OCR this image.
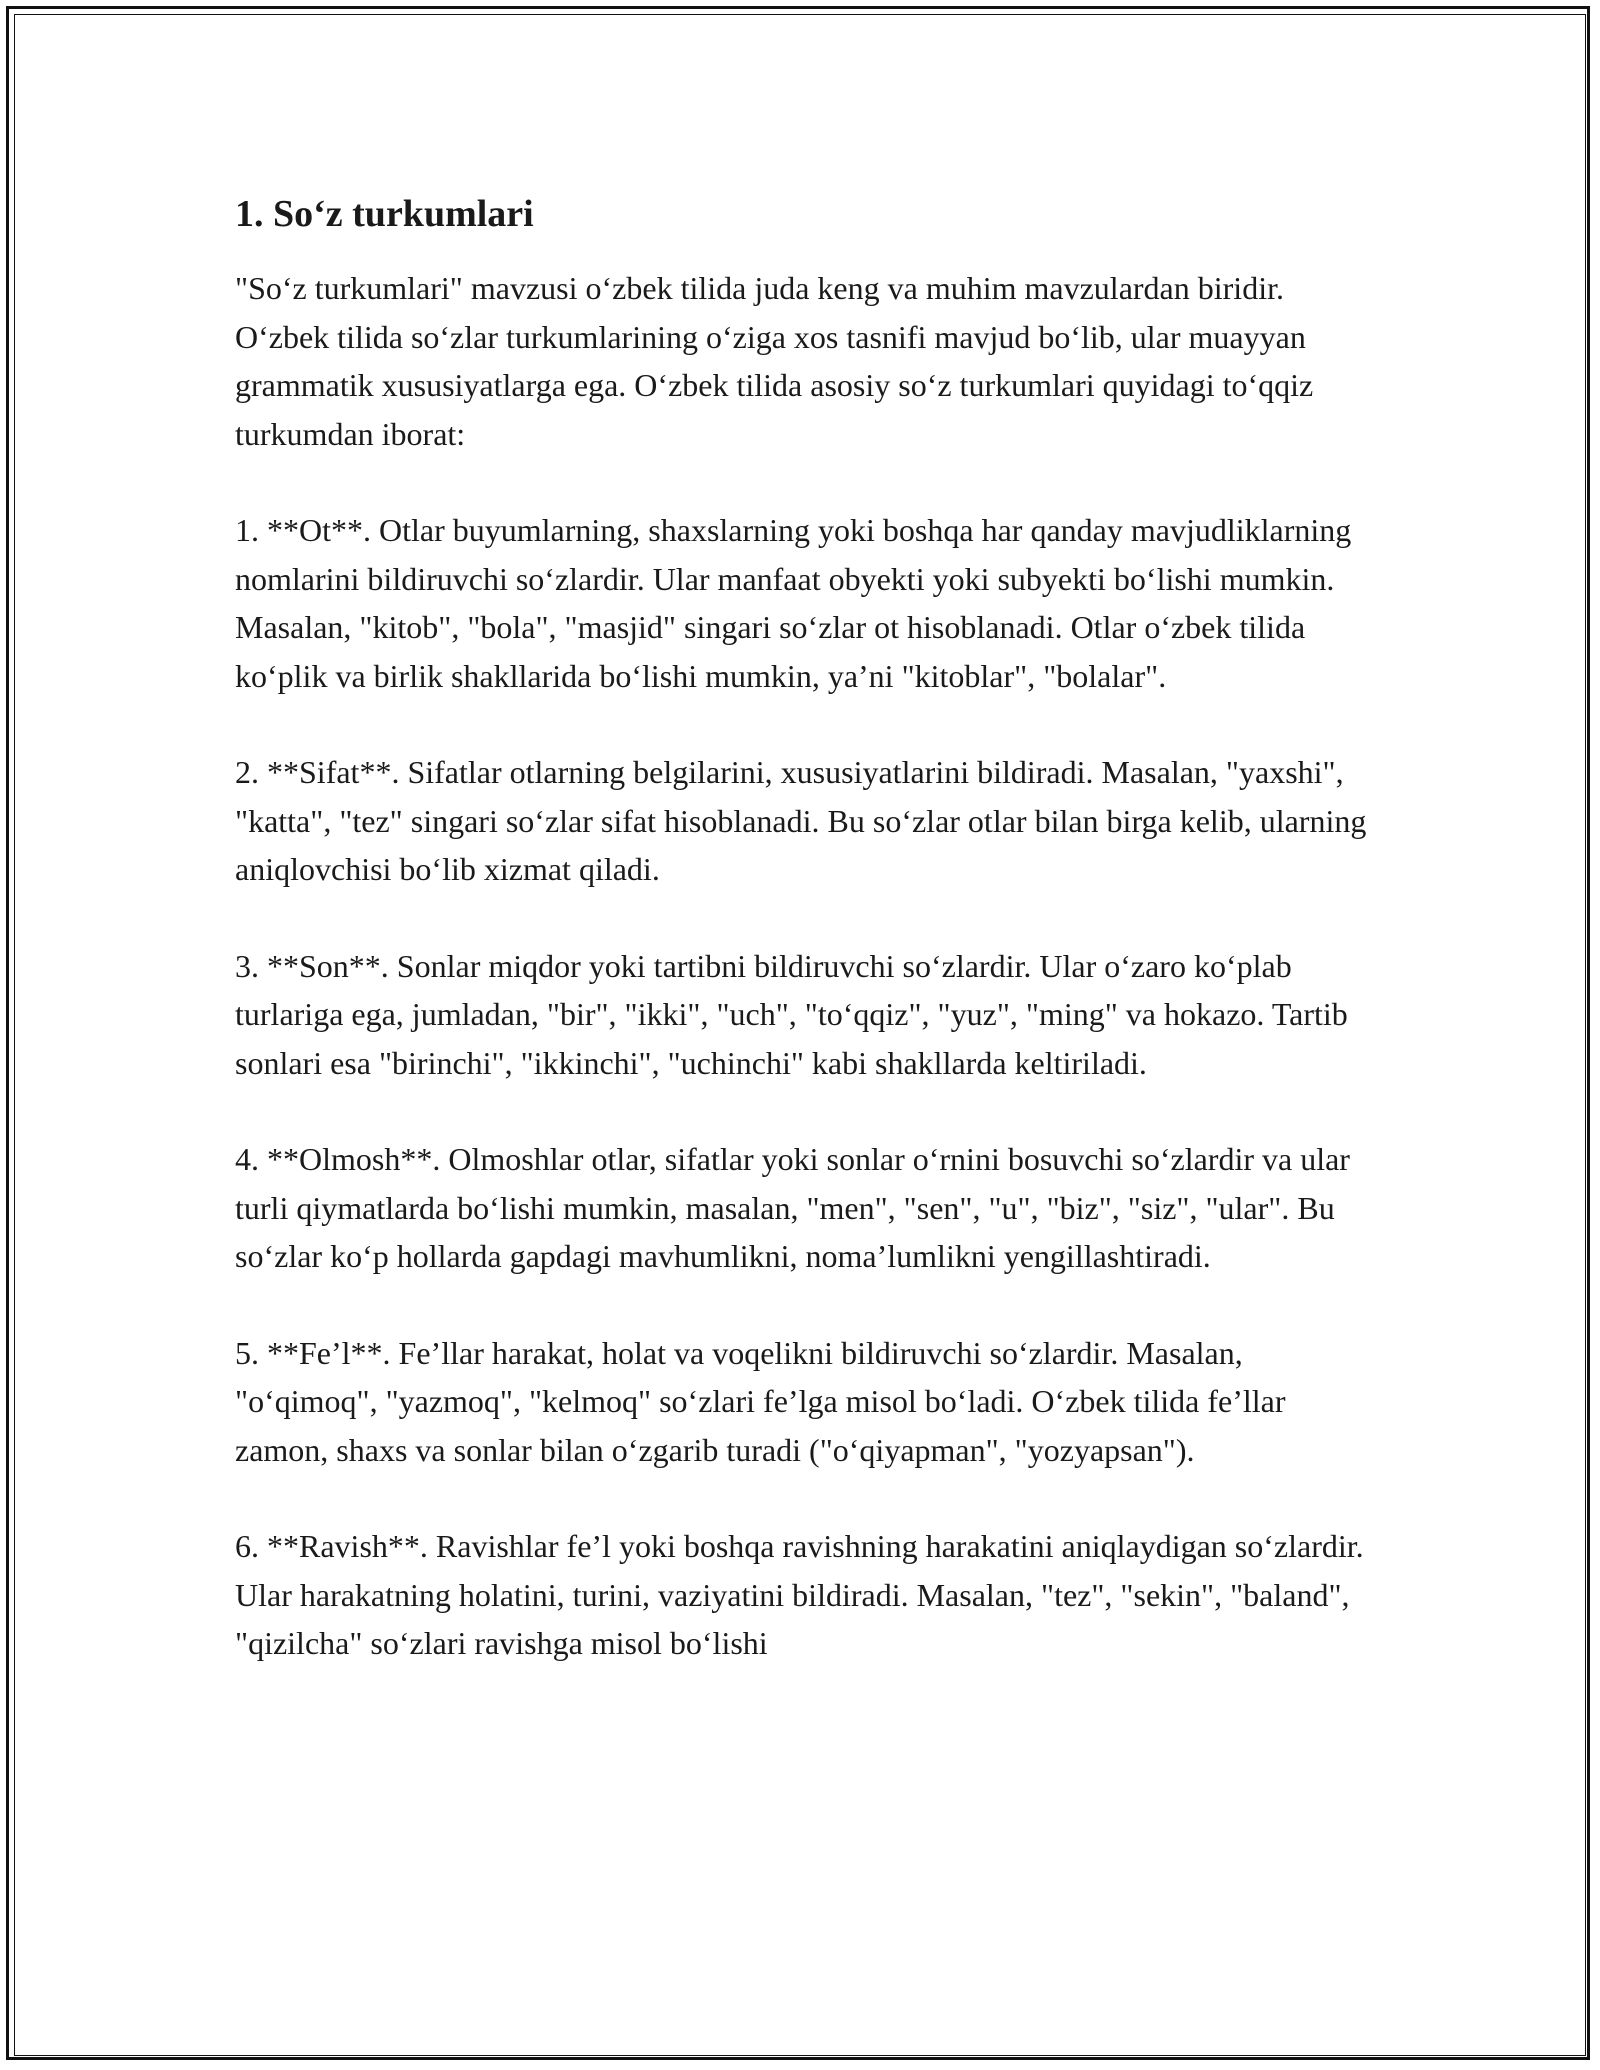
1. So‘z turkumlari

"So‘z turkumlari" mavzusi o‘zbek tilida juda keng va muhim mavzulardan biridir. O‘zbek tilida so‘zlar turkumlarining o‘ziga xos tasnifi mavjud bo‘lib, ular muayyan grammatik xususiyatlarga ega. O‘zbek tilida asosiy so‘z turkumlari quyidagi to‘qqiz turkumdan iborat:

1. **Ot**. Otlar buyumlarning, shaxslarning yoki boshqa har qanday mavjudliklarning nomlarini bildiruvchi so‘zlardir. Ular manfaat obyekti yoki subyekti bo‘lishi mumkin. Masalan, "kitob", "bola", "masjid" singari so‘zlar ot hisoblanadi. Otlar o‘zbek tilida ko‘plik va birlik shakllarida bo‘lishi mumkin, ya’ni "kitoblar", "bolalar".

2. **Sifat**. Sifatlar otlarning belgilarini, xususiyatlarini bildiradi. Masalan, "yaxshi", "katta", "tez" singari so‘zlar sifat hisoblanadi. Bu so‘zlar otlar bilan birga kelib, ularning aniqlovchisi bo‘lib xizmat qiladi.

3. **Son**. Sonlar miqdor yoki tartibni bildiruvchi so‘zlardir. Ular o‘zaro ko‘plab turlariga ega, jumladan, "bir", "ikki", "uch", "to‘qqiz", "yuz", "ming" va hokazo. Tartib sonlari esa "birinchi", "ikkinchi", "uchinchi" kabi shakllarda keltiriladi.

4. **Olmosh**. Olmoshlar otlar, sifatlar yoki sonlar o‘rnini bosuvchi so‘zlardir va ular turli qiymatlarda bo‘lishi mumkin, masalan, "men", "sen", "u", "biz", "siz", "ular". Bu so‘zlar ko‘p hollarda gapdagi mavhumlikni, noma’lumlikni yengillashtiradi.

5. **Fe’l**. Fe’llar harakat, holat va voqelikni bildiruvchi so‘zlardir. Masalan, "o‘qimoq", "yazmoq", "kelmoq" so‘zlari fe’lga misol bo‘ladi. O‘zbek tilida fe’llar zamon, shaxs va sonlar bilan o‘zgarib turadi ("o‘qiyapman", "yozyapsan").

6. **Ravish**. Ravishlar fe’l yoki boshqa ravishning harakatini aniqlaydigan so‘zlardir. Ular harakatning holatini, turini, vaziyatini bildiradi. Masalan, "tez", "sekin", "baland", "qizilcha" so‘zlari ravishga misol bo‘lishi
